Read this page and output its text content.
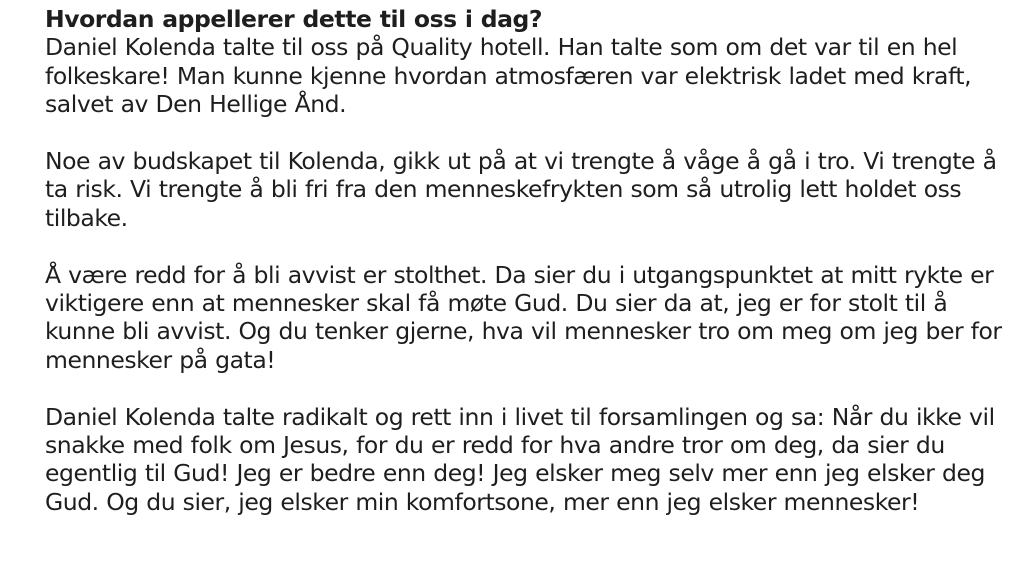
Hvordan appellerer dette til oss i dag?

Daniel Kolenda talte til oss på Quality hotell. Han talte som om det var til en hel folkeskare! Man kunne kjenne hvordan atmosfæren var elektrisk ladet med kraft, salvet av Den Hellige Ånd.

Noe av budskapet til Kolenda, gikk ut på at vi trengte å våge å gå i tro. Vi trengte å ta risk. Vi trengte å bli fri fra den menneskefrykten som så utrolig lett holdet oss tilbake.

Å være redd for å bli avvist er stolthet. Da sier du i utgangspunktet at mitt rykte er viktigere enn at mennesker skal få møte Gud. Du sier da at, jeg er for stolt til å kunne bli avvist. Og du tenker gjerne, hva vil mennesker tro om meg om jeg ber for mennesker på gata!

Daniel Kolenda talte radikalt og rett inn i livet til forsamlingen og sa: Når du ikke vil snakke med folk om Jesus, for du er redd for hva andre tror om deg, da sier du egentlig til Gud! Jeg er bedre enn deg! Jeg elsker meg selv mer enn jeg elsker deg Gud. Og du sier, jeg elsker min komfortsone, mer enn jeg elsker mennesker!
